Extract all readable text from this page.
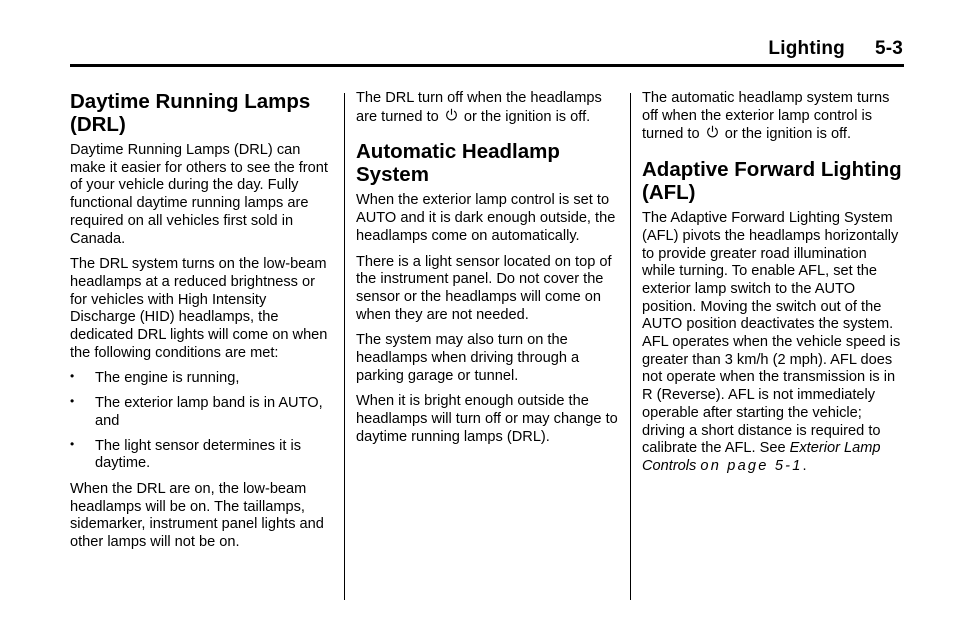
Lighting 5-3
Daytime Running Lamps (DRL)

Daytime Running Lamps (DRL) can make it easier for others to see the front of your vehicle during the day. Fully functional daytime running lamps are required on all vehicles first sold in Canada.

The DRL system turns on the low-beam headlamps at a reduced brightness or for vehicles with High Intensity Discharge (HID) headlamps, the dedicated DRL lights will come on when the following conditions are met:

• The engine is running,
• The exterior lamp band is in AUTO, and
• The light sensor determines it is daytime.

When the DRL are on, the low-beam headlamps will be on. The taillamps, sidemarker, instrument panel lights and other lamps will not be on.

The DRL turn off when the headlamps are turned to or the ignition is off.

Automatic Headlamp System

When the exterior lamp control is set to AUTO and it is dark enough outside, the headlamps come on automatically.

There is a light sensor located on top of the instrument panel. Do not cover the sensor or the headlamps will come on when they are not needed.

The system may also turn on the headlamps when driving through a parking garage or tunnel.

When it is bright enough outside the headlamps will turn off or may change to daytime running lamps (DRL).

The automatic headlamp system turns off when the exterior lamp control is turned to or the ignition is off.

Adaptive Forward Lighting (AFL)

The Adaptive Forward Lighting System (AFL) pivots the headlamps horizontally to provide greater road illumination while turning. To enable AFL, set the exterior lamp switch to the AUTO position. Moving the switch out of the AUTO position deactivates the system. AFL operates when the vehicle speed is greater than 3 km/h (2 mph). AFL does not operate when the transmission is in R (Reverse). AFL is not immediately operable after starting the vehicle; driving a short distance is required to calibrate the AFL. See Exterior Lamp Controls on page 5-1.
